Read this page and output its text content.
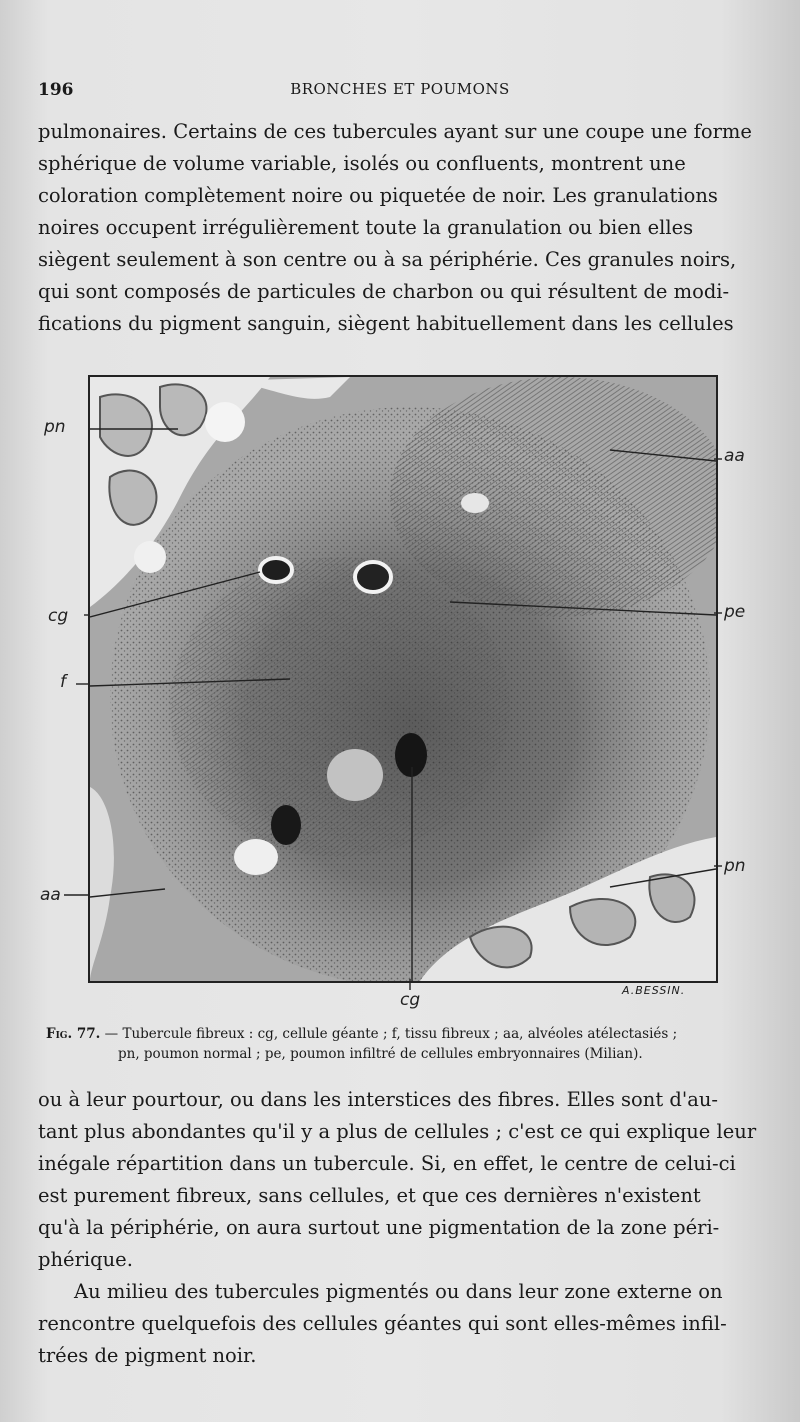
196	BRONCHES ET POUMONS

pulmonaires. Certains de ces tubercules ayant sur une coupe une forme

sphérique de volume variable, isolés ou confluents, montrent une

coloration complètement noire ou piquetée de noir. Les granulations

noires occupent irrégulièrement toute la granulation ou bien elles

siègent seulement à son centre ou à sa périphérie. Ces granules noirs,

qui sont composés de particules de charbon ou qui résultent de modi-

fications du pigment sanguin, siègent habituellement dans les cellules

pn
aa
cg	pe
f
pn
aa
cg	A.BESSIN.
Fig. 77. — Tubercule fibreux : cg, cellule géante ; f, tissu fibreux ; aa, alvéoles atélectasiés ;
pn, poumon normal ; pe, poumon infiltré de cellules embryonnaires (Milian).

ou à leur pourtour, ou dans les interstices des fibres. Elles sont d'au-

tant plus abondantes qu'il y a plus de cellules ; c'est ce qui explique leur

inégale répartition dans un tubercule. Si, en effet, le centre de celui-ci

est purement fibreux, sans cellules, et que ces dernières n'existent

qu'à la périphérie, on aura surtout une pigmentation de la zone péri-

phérique.

Au milieu des tubercules pigmentés ou dans leur zone externe on

rencontre quelquefois des cellules géantes qui sont elles-mêmes infil-

trées de pigment noir.
